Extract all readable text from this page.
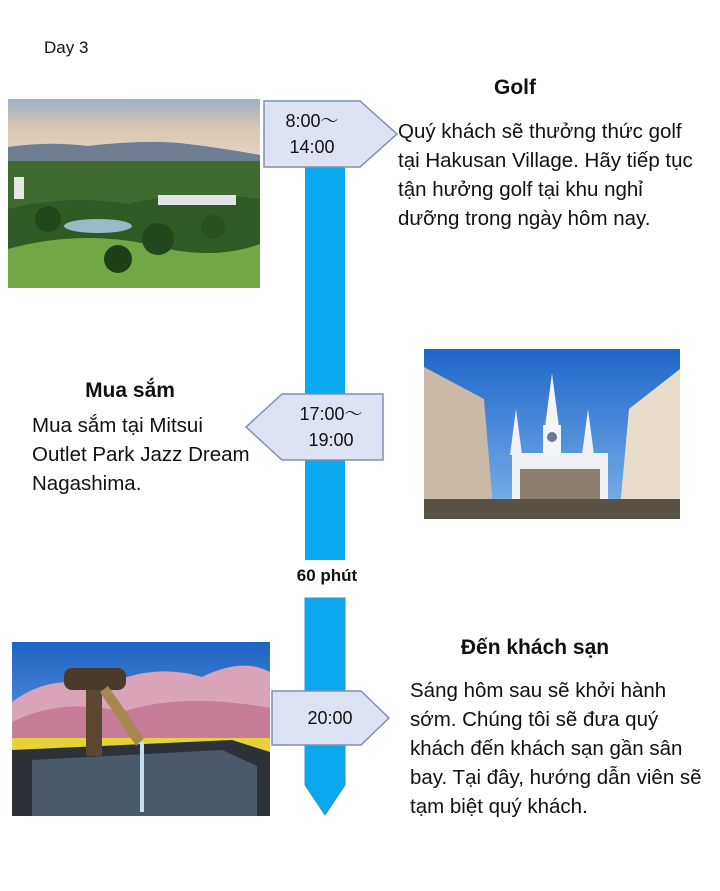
Day 3
60 phút
8:00～
14:00
Golf
Quý khách sẽ thưởng thức golf tại Hakusan Village. Hãy tiếp tục tận hưởng golf tại khu nghỉ dưỡng trong ngày hôm nay.
Mua sắm
Mua sắm tại Mitsui Outlet Park Jazz Dream Nagashima.
17:00～
19:00
20:00
Đến khách sạn
Sáng hôm sau sẽ khởi hành sớm. Chúng tôi sẽ đưa quý khách đến khách sạn gần sân bay. Tại đây, hướng dẫn viên sẽ tạm biệt quý khách.
